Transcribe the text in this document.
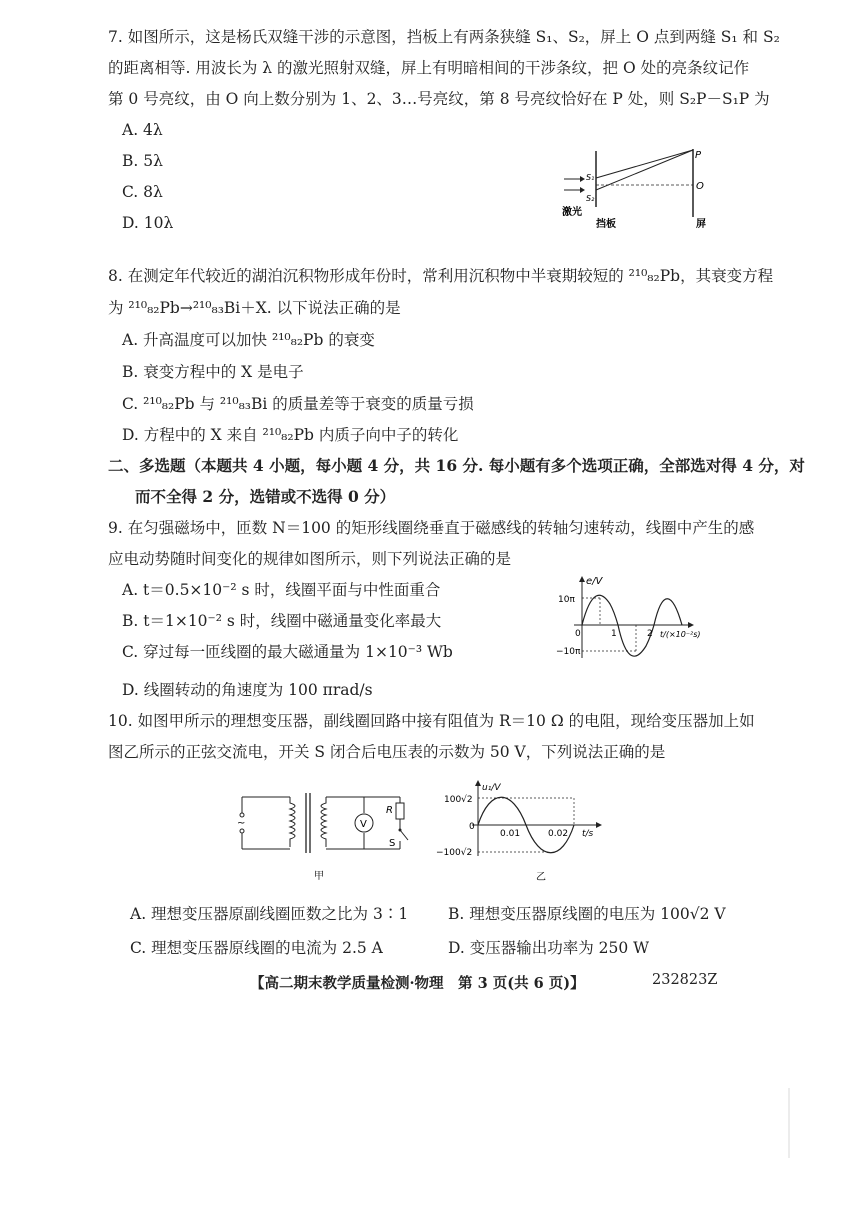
7. 如图所示，这是杨氏双缝干涉的示意图，挡板上有两条狭缝 S₁、S₂，屏上 O 点到两缝 S₁ 和 S₂
的距离相等. 用波长为 λ 的激光照射双缝，屏上有明暗相间的干涉条纹，把 O 处的亮条纹记作
第 0 号亮纹，由 O 向上数分别为 1、2、3…号亮纹，第 8 号亮纹恰好在 P 处，则 S₂P－S₁P 为
A. 4λ
B. 5λ
C. 8λ
D. 10λ
P
O
S₁
S₂
激光
挡板	屏
8. 在测定年代较近的湖泊沉积物形成年份时，常利用沉积物中半衰期较短的 ²¹⁰₈₂Pb，其衰变方程
为 ²¹⁰₈₂Pb→²¹⁰₈₃Bi＋X. 以下说法正确的是
A. 升高温度可以加快 ²¹⁰₈₂Pb 的衰变
B. 衰变方程中的 X 是电子
C. ²¹⁰₈₂Pb 与 ²¹⁰₈₃Bi 的质量差等于衰变的质量亏损
D. 方程中的 X 来自 ²¹⁰₈₂Pb 内质子向中子的转化
二、多选题（本题共 4 小题，每小题 4 分，共 16 分. 每小题有多个选项正确，全部选对得 4 分，对
而不全得 2 分，选错或不选得 0 分）
9. 在匀强磁场中，匝数 N＝100 的矩形线圈绕垂直于磁感线的转轴匀速转动，线圈中产生的感
应电动势随时间变化的规律如图所示，则下列说法正确的是
A. t＝0.5×10⁻² s 时，线圈平面与中性面重合
B. t＝1×10⁻² s 时，线圈中磁通量变化率最大
C. 穿过每一匝线圈的最大磁通量为 1×10⁻³ Wb
D. 线圈转动的角速度为 100 πrad/s
e/V
10π
−10π
0	1	2 t/(×10⁻²s)
10. 如图甲所示的理想变压器，副线圈回路中接有阻值为 R＝10 Ω 的电阻，现给变压器加上如
图乙所示的正弦交流电，开关 S 闭合后电压表的示数为 50 V，下列说法正确的是
~	V
R
S
甲
u₁/V
100√2
−100√2
0
0.01	0.02 t/s
乙
A. 理想变压器原副线圈匝数之比为 3∶1	B. 理想变压器原线圈的电压为 100√2 V
C. 理想变压器原线圈的电流为 2.5 A	D. 变压器输出功率为 250 W
【高二期末教学质量检测·物理　第 3 页(共 6 页)】	232823Z
